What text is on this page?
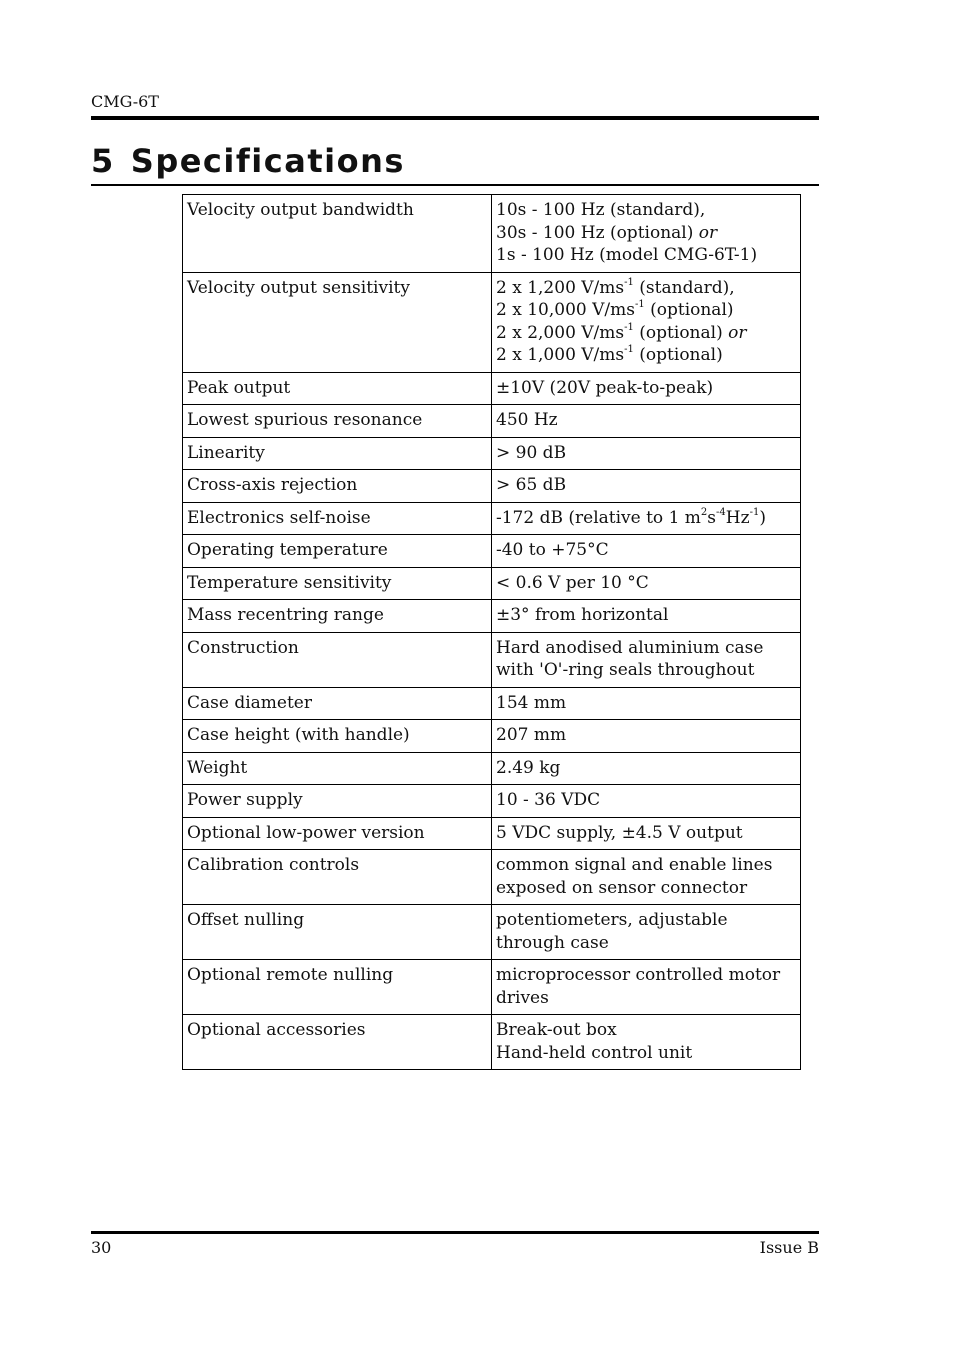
CMG-6T
5 Specifications
Velocity output bandwidth	10s - 100 Hz (standard),
30s - 100 Hz (optional) or
1s - 100 Hz (model CMG-6T-1)

Velocity output sensitivity	2 x 1,200 $V/ms^{-1}$ (standard),
2 x 10,000 $V/ms^{-1}$ (optional)
2 x 2,000 $V/ms^{-1}$ (optional) or
2 x 1,000 $V/ms^{-1}$ (optional)

Peak output	±10V (20V peak-to-peak)

Lowest spurious resonance	450 Hz

Linearity	> 90 dB

Cross-axis rejection	> 65 dB

Electronics self-noise	-172 dB (relative to 1 $m^2s^{-4}Hz^{-1}$)

Operating temperature	-40 to +75°C

Temperature sensitivity	< 0.6 V per 10 °C

Mass recentring range	±3° from horizontal

Construction	Hard anodised aluminium case
with 'O'-ring seals throughout

Case diameter	154 mm

Case height (with handle)	207 mm

Weight	2.49 kg

Power supply	10 - 36 VDC

Optional low-power version	5 VDC supply, ±4.5 V output

Calibration controls	common signal and enable lines
exposed on sensor connector

Offset nulling	potentiometers, adjustable
through case

Optional remote nulling	microprocessor controlled motor
drives

Optional accessories	Break-out box
Hand-held control unit
30	Issue B
